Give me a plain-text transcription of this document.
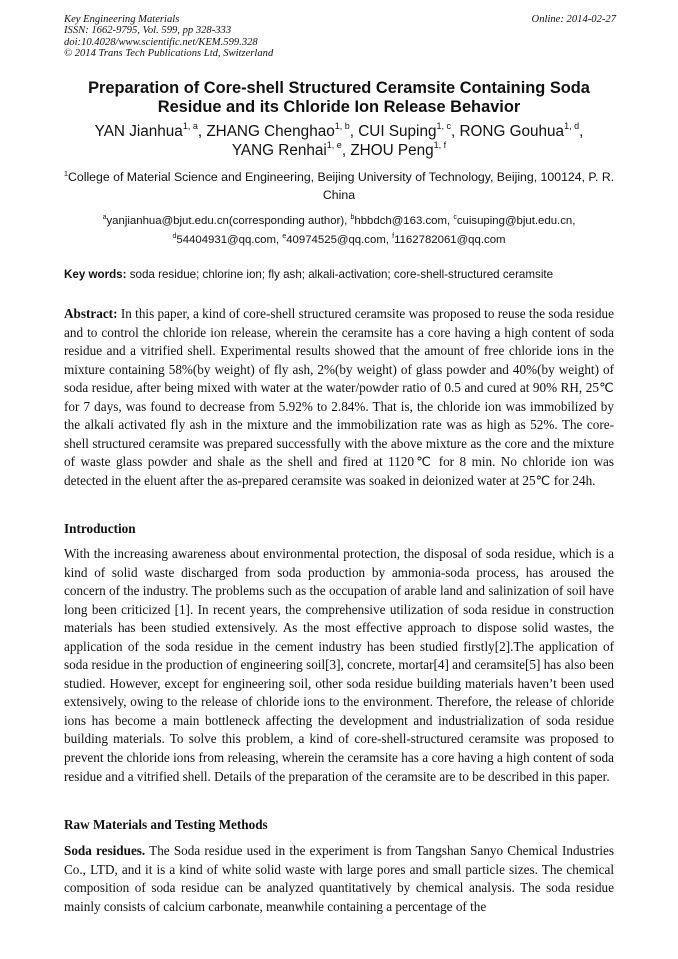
Key Engineering Materials
ISSN: 1662-9795, Vol. 599, pp 328-333
doi:10.4028/www.scientific.net/KEM.599.328
© 2014 Trans Tech Publications Ltd, Switzerland
Online: 2014-02-27
Preparation of Core-shell Structured Ceramsite Containing Soda
Residue and its Chloride Ion Release Behavior
YAN Jianhua$^{1, a}$, ZHANG Chenghao$^{1, b}$, CUI Suping$^{1, c}$, RONG Gouhua$^{1, d}$,
YANG Renhai$^{1, e}$, ZHOU Peng$^{1, f}$
$^1$College of Material Science and Engineering, Beijing University of Technology, Beijing, 100124, P. R. China
$^a$yanjianhua@bjut.edu.cn(corresponding author), $^b$hbbdch@163.com, $^c$cuisuping@bjut.edu.cn,
$^d$54404931@qq.com, $^e$40974525@qq.com, $^f$1162782061@qq.com
Key words: soda residue; chlorine ion; fly ash; alkali-activation; core-shell-structured ceramsite
Abstract: In this paper, a kind of core-shell structured ceramsite was proposed to reuse the soda residue and to control the chloride ion release, wherein the ceramsite has a core having a high content of soda residue and a vitrified shell. Experimental results showed that the amount of free chloride ions in the mixture containing 58%(by weight) of fly ash, 2%(by weight) of glass powder and 40%(by weight) of soda residue, after being mixed with water at the water/powder ratio of 0.5 and cured at 90% RH, 25℃ for 7 days, was found to decrease from 5.92% to 2.84%. That is, the chloride ion was immobilized by the alkali activated fly ash in the mixture and the immobilization rate was as high as 52%. The core-shell structured ceramsite was prepared successfully with the above mixture as the core and the mixture of waste glass powder and shale as the shell and fired at 1120℃ for 8 min. No chloride ion was detected in the eluent after the as-prepared ceramsite was soaked in deionized water at 25℃ for 24h.
Introduction
With the increasing awareness about environmental protection, the disposal of soda residue, which is a kind of solid waste discharged from soda production by ammonia-soda process, has aroused the concern of the industry. The problems such as the occupation of arable land and salinization of soil have long been criticized [1]. In recent years, the comprehensive utilization of soda residue in construction materials has been studied extensively. As the most effective approach to dispose solid wastes, the application of the soda residue in the cement industry has been studied firstly[2].The application of soda residue in the production of engineering soil[3], concrete, mortar[4] and ceramsite[5] has also been studied. However, except for engineering soil, other soda residue building materials haven’t been used extensively, owing to the release of chloride ions to the environment. Therefore, the release of chloride ions has become a main bottleneck affecting the development and industrialization of soda residue building materials. To solve this problem, a kind of core-shell-structured ceramsite was proposed to prevent the chloride ions from releasing, wherein the ceramsite has a core having a high content of soda residue and a vitrified shell. Details of the preparation of the ceramsite are to be described in this paper.
Raw Materials and Testing Methods
Soda residues. The Soda residue used in the experiment is from Tangshan Sanyo Chemical Industries Co., LTD, and it is a kind of white solid waste with large pores and small particle sizes. The chemical composition of soda residue can be analyzed quantitatively by chemical analysis. The soda residue mainly consists of calcium carbonate, meanwhile containing a percentage of the
